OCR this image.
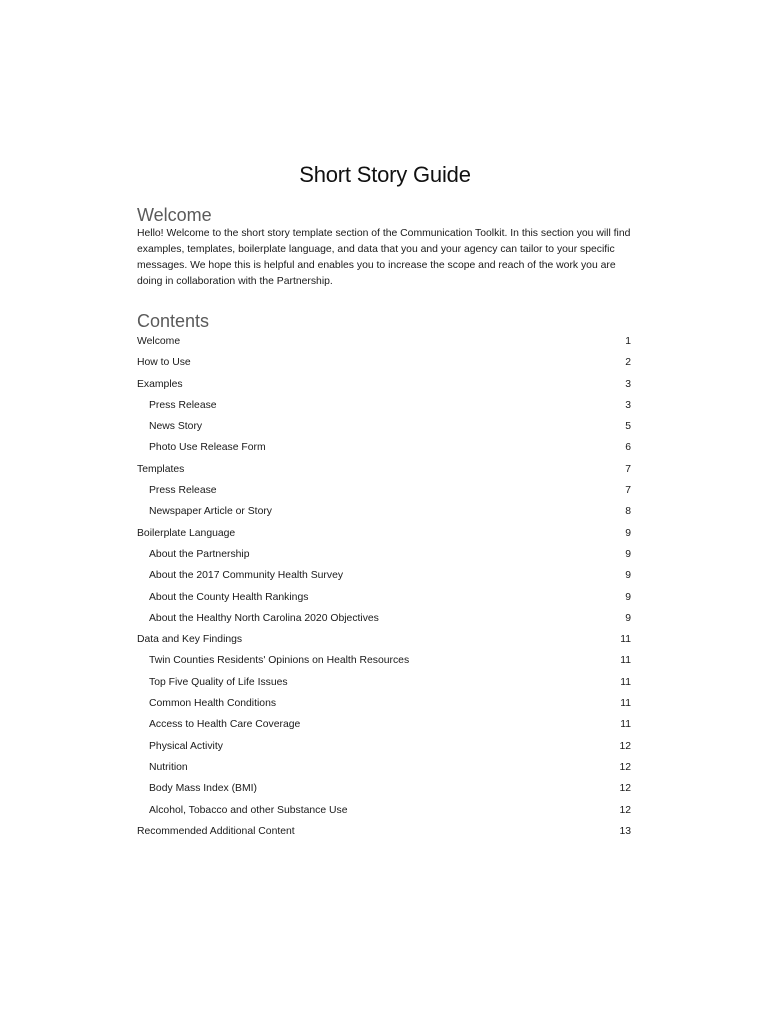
Short Story Guide
Welcome

Hello! Welcome to the short story template section of the Communication Toolkit. In this section you will find examples, templates, boilerplate language, and data that you and your agency can tailor to your specific messages. We hope this is helpful and enables you to increase the scope and reach of the work you are doing in collaboration with the Partnership.

Contents
Welcome	1
How to Use	2
Examples	3
Press Release	3
News Story	5
Photo Use Release Form	6
Templates	7
Press Release	7
Newspaper Article or Story	8
Boilerplate Language	9
About the Partnership	9
About the 2017 Community Health Survey	9
About the County Health Rankings	9
About the Healthy North Carolina 2020 Objectives	9
Data and Key Findings	11
Twin Counties Residents' Opinions on Health Resources	11
Top Five Quality of Life Issues	11
Common Health Conditions	11
Access to Health Care Coverage	11
Physical Activity	12
Nutrition	12
Body Mass Index (BMI)	12
Alcohol, Tobacco and other Substance Use	12
Recommended Additional Content	13
